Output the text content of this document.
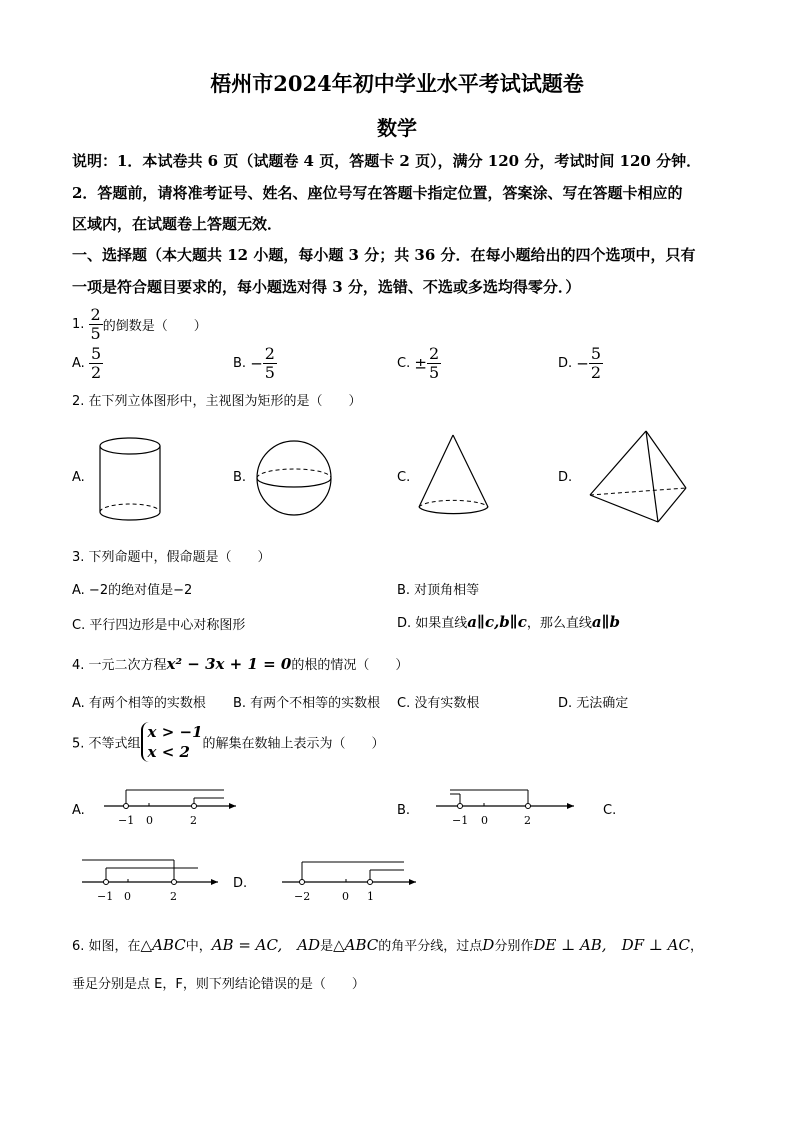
梧州市2024年初中学业水平考试试题卷
数学
说明：1．本试卷共 6 页（试题卷 4 页，答题卡 2 页），满分 120 分，考试时间 120 分钟．
2．答题前，请将准考证号、姓名、座位号写在答题卡指定位置，答案涂、写在答题卡相应的
区域内，在试题卷上答题无效．
一、选择题（本大题共 12 小题，每小题 3 分；共 36 分．在每小题给出的四个选项中，只有
一项是符合题目要求的，每小题选对得 3 分，选错、不选或多选均得零分．）
1. $\frac{2}{5}$ 的倒数是（　　）
A. $\frac{5}{2}$	B. − $\frac{2}{5}$	C. ± $\frac{2}{5}$	D. − $\frac{5}{2}$
2. 在下列立体图形中，主视图为矩形的是（　　）
A.	B.	C.	D.
3. 下列命题中，假命题是（　　）
A. −2的绝对值是−2	B. 对顶角相等
C. 平行四边形是中心对称图形	D. 如果直线a∥c,b∥c，那么直线a∥b
4. 一元二次方程x² − 3x + 1 = 0的根的情况（　　）
A. 有两个相等的实数根 B. 有两个不相等的实数根 C. 没有实数根	D. 无法确定
5. 不等式组
x > −1
x < 2 的解集在数轴上表示为（　　）
A.
−1 0	2
B.
−1 0	2
C.
−1 0	2
D.
−2	0 1
6. 如图，在△ABC中，AB = AC,　AD是△ABC的角平分线，过点D分别作DE ⊥ AB,　DF ⊥ AC，
垂足分别是点 E，F，则下列结论错误的是（　　）
